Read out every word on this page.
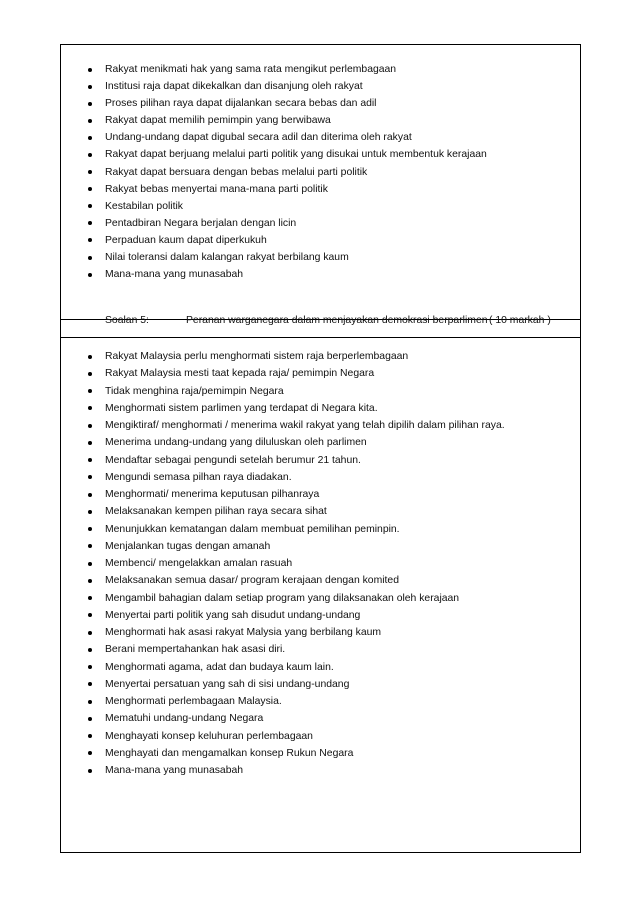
Rakyat menikmati hak yang sama rata mengikut perlembagaan
Institusi raja dapat dikekalkan dan disanjung oleh rakyat
Proses pilihan raya dapat dijalankan secara bebas dan adil
Rakyat dapat memilih pemimpin yang berwibawa
Undang-undang dapat digubal secara adil dan diterima oleh rakyat
Rakyat dapat berjuang melalui parti politik yang disukai untuk membentuk kerajaan
Rakyat dapat bersuara dengan bebas melalui parti politik
Rakyat bebas menyertai mana-mana parti politik
Kestabilan politik
Pentadbiran Negara berjalan dengan licin
Perpaduan kaum dapat diperkukuh
Nilai toleransi dalam kalangan rakyat berbilang kaum
Mana-mana yang munasabah
Soalan 5:	Peranan warganegara dalam menjayakan demokrasi berparlimen ( 10 markah )
Rakyat Malaysia perlu menghormati sistem raja berperlembagaan
Rakyat Malaysia mesti taat kepada raja/ pemimpin Negara
Tidak menghina raja/pemimpin Negara
Menghormati sistem parlimen yang terdapat di Negara kita.
Mengiktiraf/ menghormati / menerima wakil rakyat yang telah dipilih dalam pilihan raya.
Menerima undang-undang yang diluluskan oleh parlimen
Mendaftar sebagai pengundi setelah berumur 21 tahun.
Mengundi semasa pilhan raya diadakan.
Menghormati/ menerima keputusan pilhanraya
Melaksanakan kempen pilihan raya secara sihat
Menunjukkan kematangan dalam membuat pemilihan peminpin.
Menjalankan tugas dengan amanah
Membenci/ mengelakkan amalan rasuah
Melaksanakan semua dasar/ program kerajaan dengan komited
Mengambil bahagian dalam setiap program yang dilaksanakan oleh kerajaan
Menyertai parti politik yang sah disudut undang-undang
Menghormati hak asasi rakyat Malysia yang berbilang kaum
Berani mempertahankan hak asasi diri.
Menghormati agama, adat dan budaya kaum lain.
Menyertai persatuan yang sah di sisi undang-undang
Menghormati perlembagaan Malaysia.
Mematuhi undang-undang Negara
Menghayati konsep keluhuran perlembagaan
Menghayati dan mengamalkan konsep Rukun Negara
Mana-mana yang munasabah
